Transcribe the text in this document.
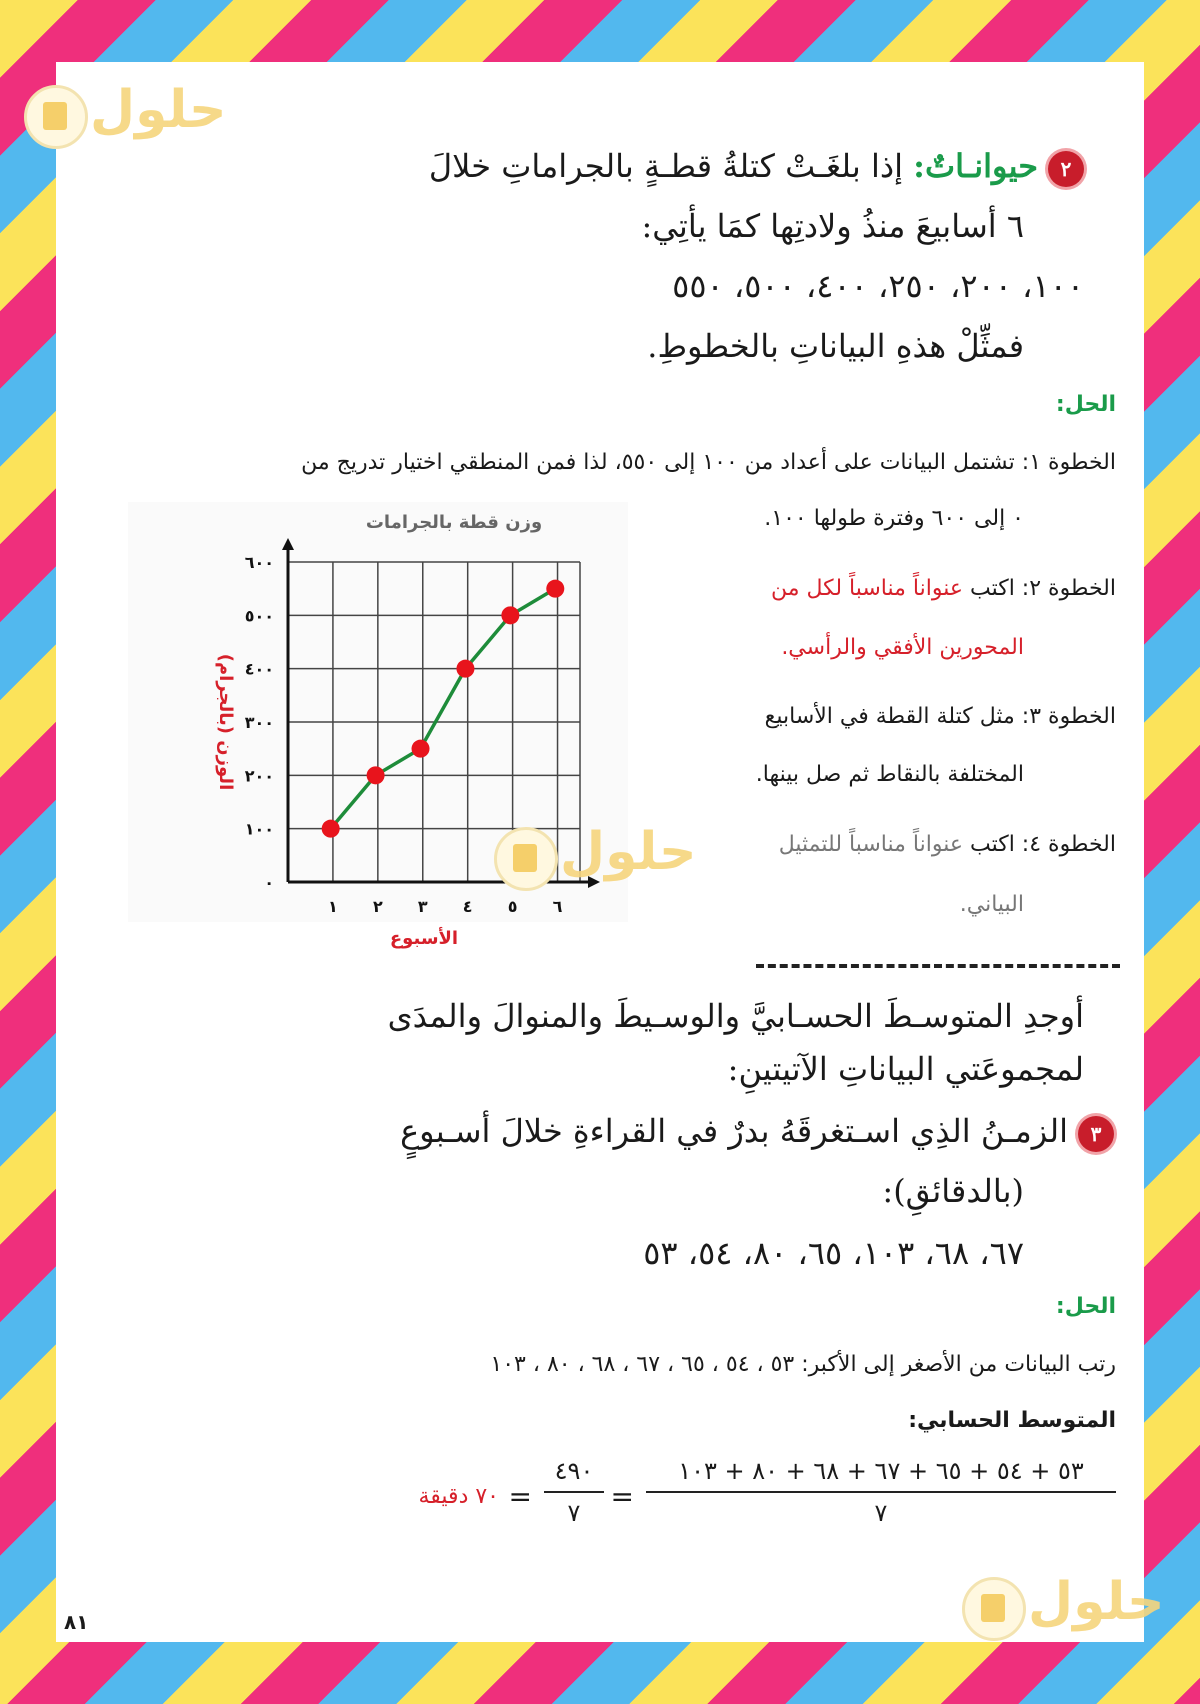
٢حيوانـاتٌ: إذا بلغَـتْ كتلةُ قطـةٍ بالجراماتِ خلالَ
٦ أسابيعَ منذُ ولادتِها كمَا يأتِي:
١٠٠، ٢٠٠، ٢٥٠، ٤٠٠، ٥٠٠، ٥٥٠
فمثِّلْ هذهِ البياناتِ بالخطوطِ.
الحل:
الخطوة ١: تشتمل البيانات على أعداد من ١٠٠ إلى ٥٥٠، لذا فمن المنطقي اختيار تدريج من
٠ إلى ٦٠٠ وفترة طولها ١٠٠.
الخطوة ٢: اكتب عنواناً مناسباً لكل من
المحورين الأفقي والرأسي.
الخطوة ٣: مثل كتلة القطة في الأسابيع
المختلفة بالنقاط ثم صل بينها.
الخطوة ٤: اكتب عنواناً مناسباً للتمثيل
البياني.
٠
١٠٠
٢٠٠
٣٠٠
٤٠٠
٥٠٠
٦٠٠
١ ٢ ٣ ٤ ٥ ٦
وزن قطة بالجرامات
الأسبوع
الوزن (بالجرام)
أوجدِ المتوسـطَ الحسـابيَّ والوسـيطَ والمنوالَ والمدَى
لمجموعَتي البياناتِ الآتيتينِ:
٣الزمـنُ الذِي اسـتغرقَهُ بدرٌ في القراءةِ خلالَ أسـبوعٍ
(بالدقائقِ):
٦٧، ٦٨، ١٠٣، ٦٥، ٨٠، ٥٤، ٥٣
الحل:
رتب البيانات من الأصغر إلى الأكبر: ٥٣ ، ٥٤ ، ٦٥ ، ٦٧ ، ٦٨ ، ٨٠ ، ١٠٣
المتوسط الحسابي:
٥٣ + ٥٤ + ٦٥ + ٦٧ + ٦٨ + ٨٠ + ١٠٣
٧
=
٤٩٠
٧
=
٧٠ دقيقة
٨١
حلول
حلول
حلول
